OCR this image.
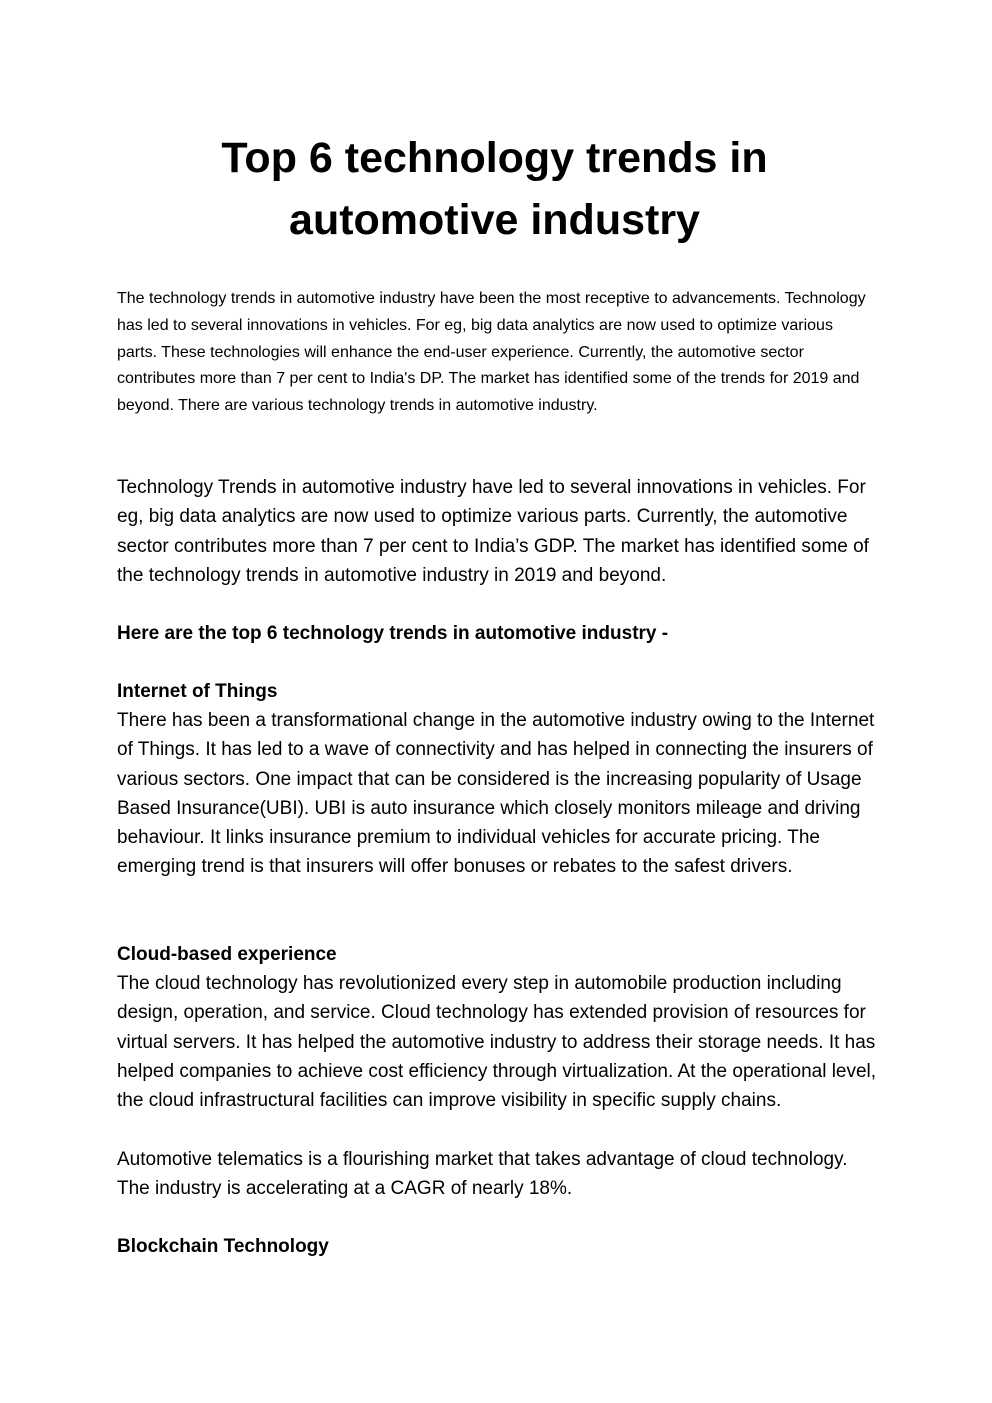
Top 6 technology trends in automotive industry

The technology trends in automotive industry have been the most receptive to advancements. Technology has led to several innovations in vehicles. For eg, big data analytics are now used to optimize various parts. These technologies will enhance the end-user experience. Currently, the automotive sector contributes more than 7 per cent to India's DP. The market has identified some of the trends for 2019 and beyond. There are various technology trends in automotive industry.

Technology Trends in automotive industry have led to several innovations in vehicles. For eg, big data analytics are now used to optimize various parts. Currently, the automotive sector contributes more than 7 per cent to India’s GDP. The market has identified some of the technology trends in automotive industry in 2019 and beyond.

Here are the top 6 technology trends in automotive industry -

Internet of Things

There has been a transformational change in the automotive industry owing to the Internet of Things. It has led to a wave of connectivity and has helped in connecting the insurers of various sectors. One impact that can be considered is the increasing popularity of Usage Based Insurance(UBI). UBI is auto insurance which closely monitors mileage and driving behaviour. It links insurance premium to individual vehicles for accurate pricing. The emerging trend is that insurers will offer bonuses or rebates to the safest drivers.

Cloud-based experience

The cloud technology has revolutionized every step in automobile production including design, operation, and service. Cloud technology has extended provision of resources for virtual servers. It has helped the automotive industry to address their storage needs. It has helped companies to achieve cost efficiency through virtualization. At the operational level, the cloud infrastructural facilities can improve visibility in specific supply chains.

Automotive telematics is a flourishing market that takes advantage of cloud technology. The industry is accelerating at a CAGR of nearly 18%.

Blockchain Technology
